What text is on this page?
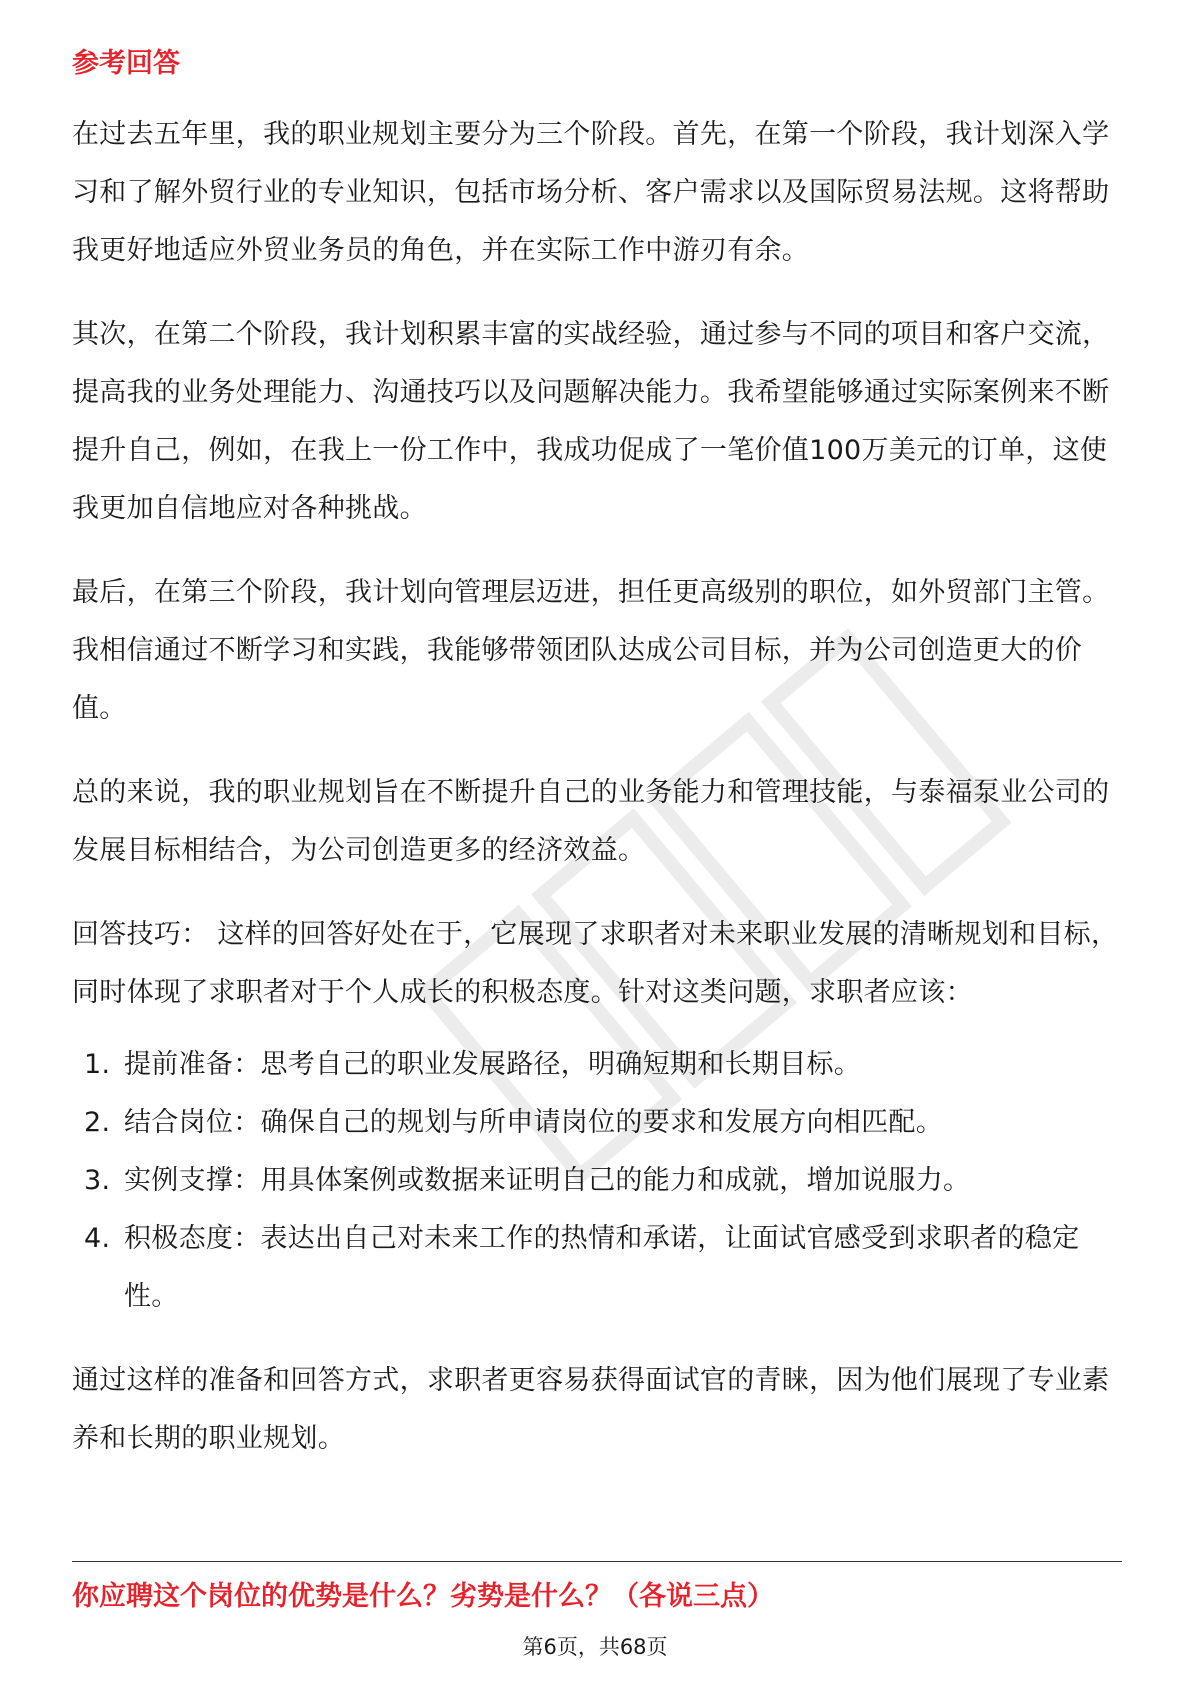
参考回答

在过去五年里，我的职业规划主要分为三个阶段。首先，在第一个阶段，我计划深入学习和了解外贸行业的专业知识，包括市场分析、客户需求以及国际贸易法规。这将帮助我更好地适应外贸业务员的角色，并在实际工作中游刃有余。

其次，在第二个阶段，我计划积累丰富的实战经验，通过参与不同的项目和客户交流，提高我的业务处理能力、沟通技巧以及问题解决能力。我希望能够通过实际案例来不断提升自己，例如，在我上一份工作中，我成功促成了一笔价值100万美元的订单，这使我更加自信地应对各种挑战。

最后，在第三个阶段，我计划向管理层迈进，担任更高级别的职位，如外贸部门主管。我相信通过不断学习和实践，我能够带领团队达成公司目标，并为公司创造更大的价值。

总的来说，我的职业规划旨在不断提升自己的业务能力和管理技能，与泰福泵业公司的发展目标相结合，为公司创造更多的经济效益。

回答技巧： 这样的回答好处在于，它展现了求职者对未来职业发展的清晰规划和目标，同时体现了求职者对于个人成长的积极态度。针对这类问题，求职者应该：

1. 提前准备：思考自己的职业发展路径，明确短期和长期目标。
2. 结合岗位：确保自己的规划与所申请岗位的要求和发展方向相匹配。
3. 实例支撑：用具体案例或数据来证明自己的能力和成就，增加说服力。
4. 积极态度：表达出自己对未来工作的热情和承诺，让面试官感受到求职者的稳定性。

通过这样的准备和回答方式，求职者更容易获得面试官的青睐，因为他们展现了专业素养和长期的职业规划。

你应聘这个岗位的优势是什么？劣势是什么？（各说三点）
第6页，共68页
